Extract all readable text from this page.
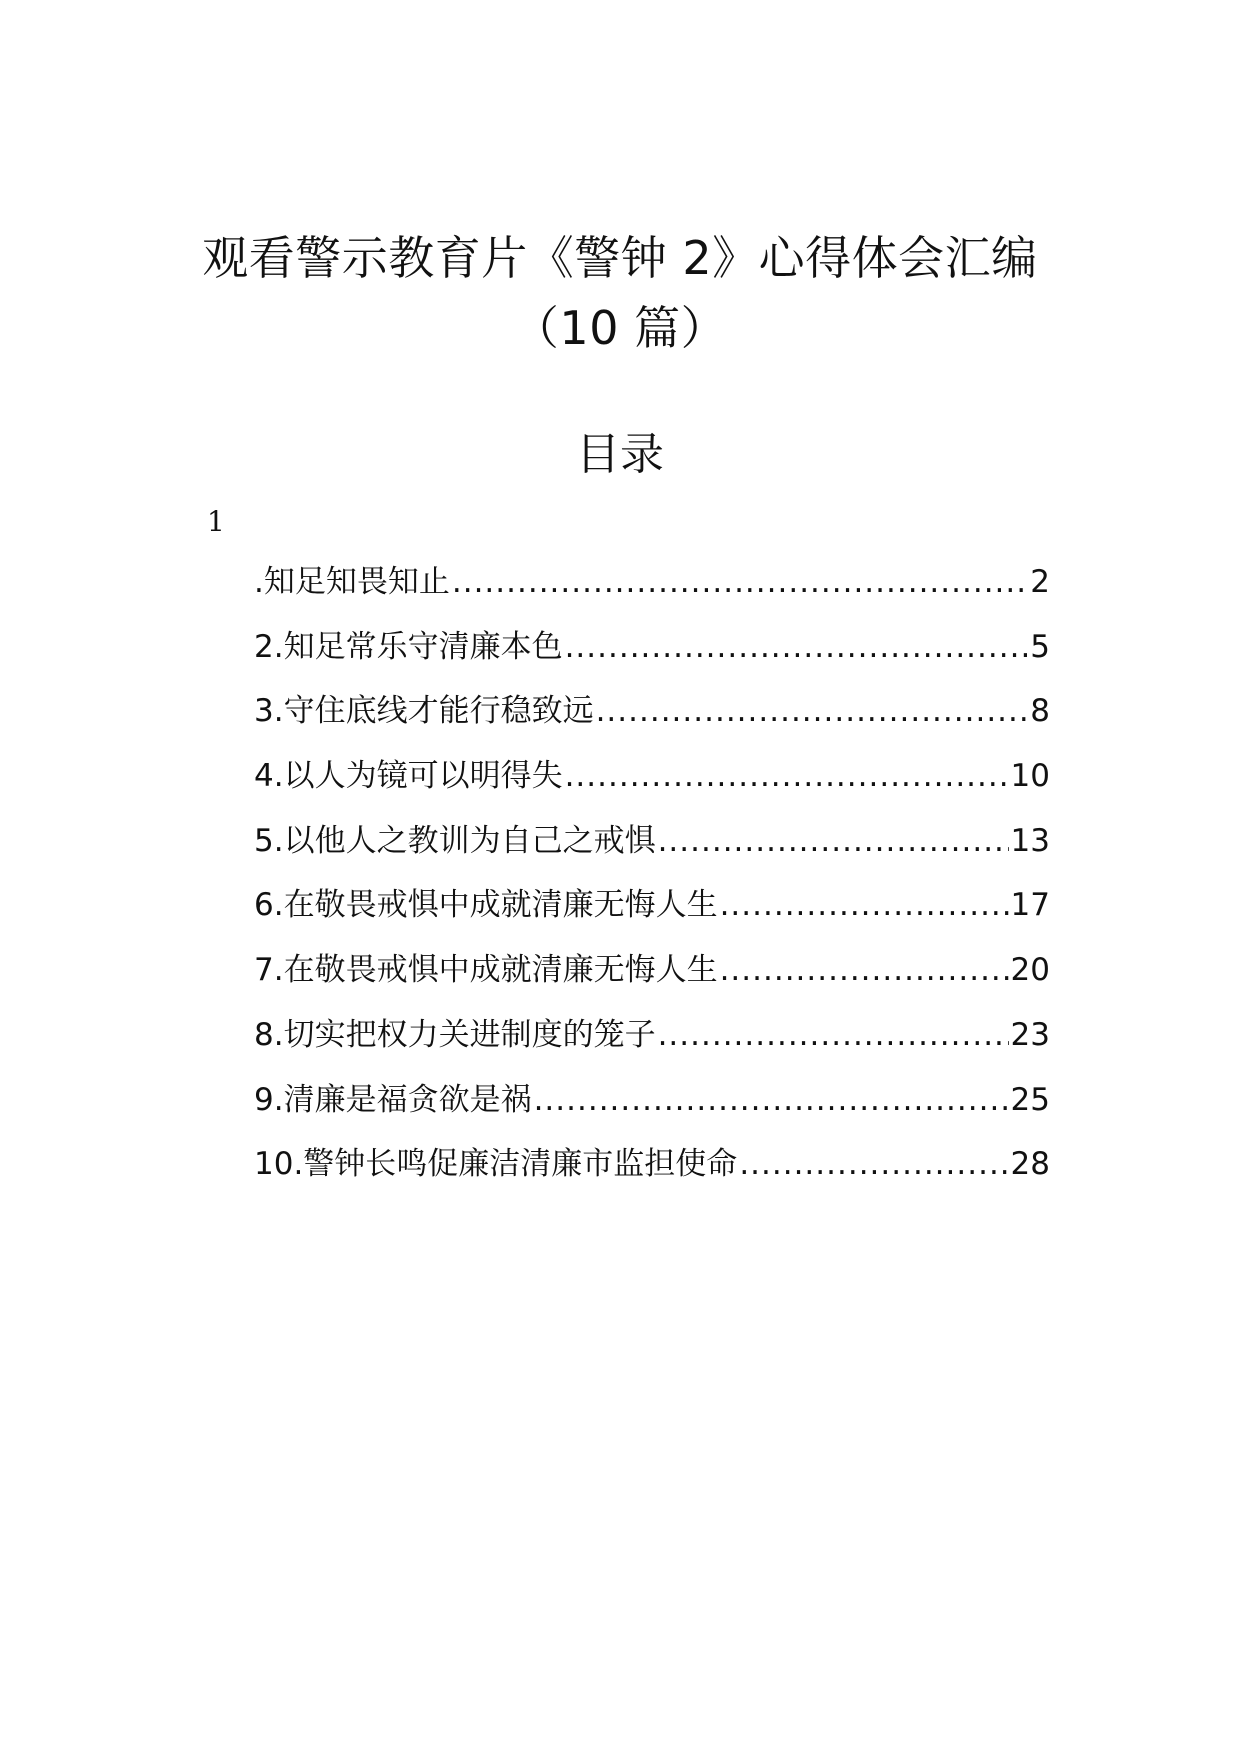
观看警示教育片《警钟 2》心得体会汇编
（10 篇）
目录
1
.知足知畏知止 .....	2
2.知足常乐守清廉本色 .....	5
3.守住底线才能行稳致远 .....	8
4.以人为镜可以明得失 .....	10
5.以他人之教训为自己之戒惧 .....	13
6.在敬畏戒惧中成就清廉无悔人生 .....	17
7.在敬畏戒惧中成就清廉无悔人生 .....	20
8.切实把权力关进制度的笼子 .....	23
9.清廉是福贪欲是祸 .....	25
10.警钟长鸣促廉洁清廉市监担使命 .....	28
